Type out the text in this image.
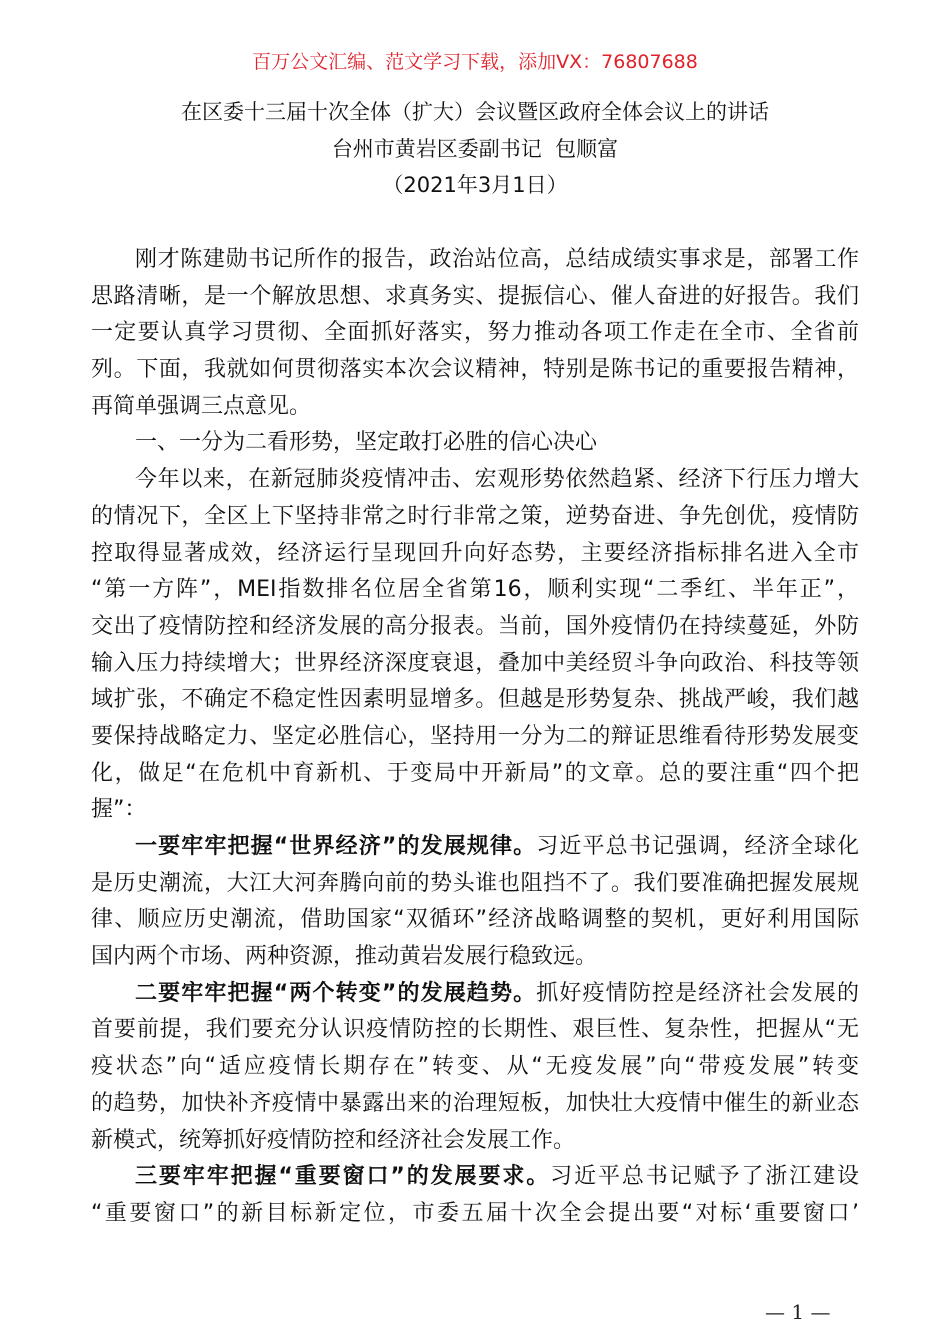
百万公文汇编、范文学习下载，添加VX：76807688
在区委十三届十次全体（扩大）会议暨区政府全体会议上的讲话
台州市黄岩区委副书记  包顺富
（2021年3月1日）
刚才陈建勋书记所作的报告，政治站位高，总结成绩实事求是，部署工作
思路清晰，是一个解放思想、求真务实、提振信心、催人奋进的好报告。我们
一定要认真学习贯彻、全面抓好落实，努力推动各项工作走在全市、全省前
列。下面，我就如何贯彻落实本次会议精神，特别是陈书记的重要报告精神，
再简单强调三点意见。
一、一分为二看形势，坚定敢打必胜的信心决心
今年以来，在新冠肺炎疫情冲击、宏观形势依然趋紧、经济下行压力增大
的情况下，全区上下坚持非常之时行非常之策，逆势奋进、争先创优，疫情防
控取得显著成效，经济运行呈现回升向好态势，主要经济指标排名进入全市
“第一方阵”，MEI指数排名位居全省第16，顺利实现“二季红、半年正”，
交出了疫情防控和经济发展的高分报表。当前，国外疫情仍在持续蔓延，外防
输入压力持续增大；世界经济深度衰退，叠加中美经贸斗争向政治、科技等领
域扩张，不确定不稳定性因素明显增多。但越是形势复杂、挑战严峻，我们越
要保持战略定力、坚定必胜信心，坚持用一分为二的辩证思维看待形势发展变
化，做足“在危机中育新机、于变局中开新局”的文章。总的要注重“四个把
握”：
一要牢牢把握“世界经济”的发展规律。习近平总书记强调，经济全球化
是历史潮流，大江大河奔腾向前的势头谁也阻挡不了。我们要准确把握发展规
律、顺应历史潮流，借助国家“双循环”经济战略调整的契机，更好利用国际
国内两个市场、两种资源，推动黄岩发展行稳致远。
二要牢牢把握“两个转变”的发展趋势。抓好疫情防控是经济社会发展的
首要前提，我们要充分认识疫情防控的长期性、艰巨性、复杂性，把握从“无
疫状态”向“适应疫情长期存在”转变、从“无疫发展”向“带疫发展”转变
的趋势，加快补齐疫情中暴露出来的治理短板，加快壮大疫情中催生的新业态
新模式，统筹抓好疫情防控和经济社会发展工作。
三要牢牢把握“重要窗口”的发展要求。习近平总书记赋予了浙江建设
“重要窗口”的新目标新定位，市委五届十次全会提出要“对标‘重要窗口’
— 1 —
